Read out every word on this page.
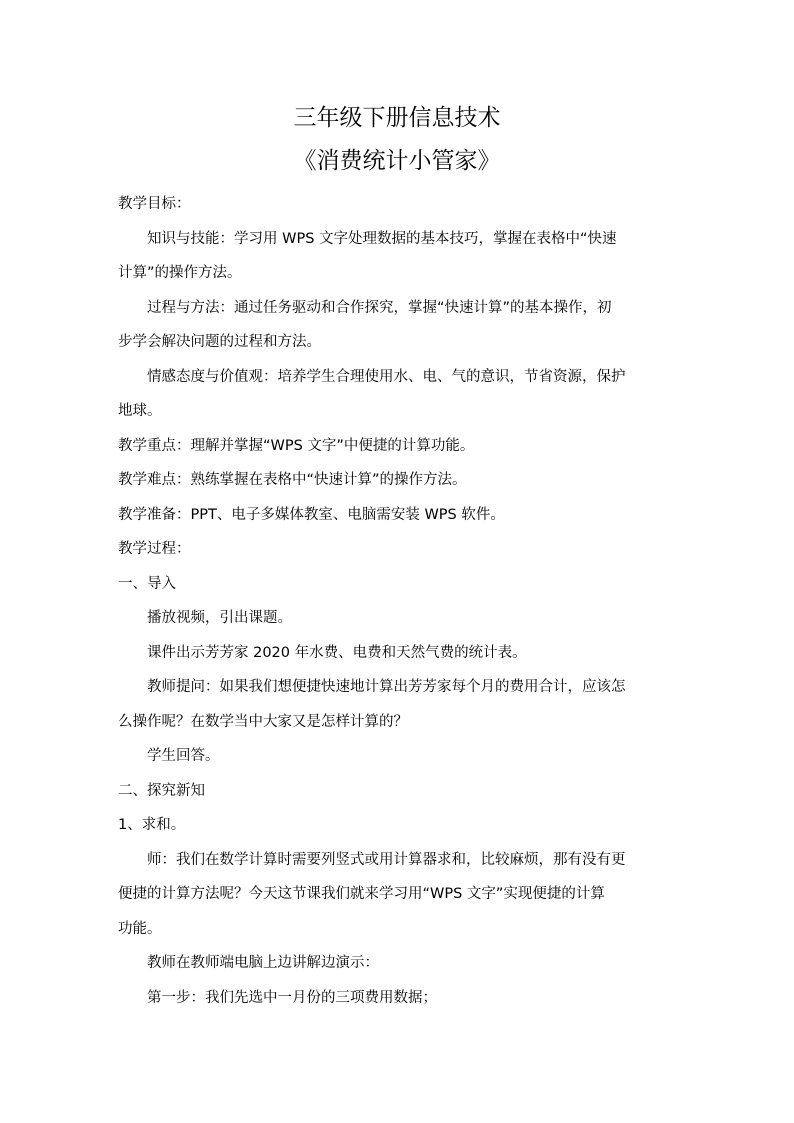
三年级下册信息技术
《消费统计小管家》
教学目标：
知识与技能：学习用 WPS 文字处理数据的基本技巧，掌握在表格中“快速
计算”的操作方法。
过程与方法：通过任务驱动和合作探究，掌握“快速计算”的基本操作，初
步学会解决问题的过程和方法。
情感态度与价值观：培养学生合理使用水、电、气的意识，节省资源，保护
地球。
教学重点：理解并掌握“WPS 文字”中便捷的计算功能。
教学难点：熟练掌握在表格中“快速计算”的操作方法。
教学准备：PPT、电子多媒体教室、电脑需安装 WPS 软件。
教学过程：
一、导入
播放视频，引出课题。
课件出示芳芳家 2020 年水费、电费和天然气费的统计表。
教师提问：如果我们想便捷快速地计算出芳芳家每个月的费用合计，应该怎
么操作呢？在数学当中大家又是怎样计算的？
学生回答。
二、探究新知
1、求和。
师：我们在数学计算时需要列竖式或用计算器求和，比较麻烦，那有没有更
便捷的计算方法呢？今天这节课我们就来学习用“WPS 文字”实现便捷的计算
功能。
教师在教师端电脑上边讲解边演示：
第一步：我们先选中一月份的三项费用数据；
